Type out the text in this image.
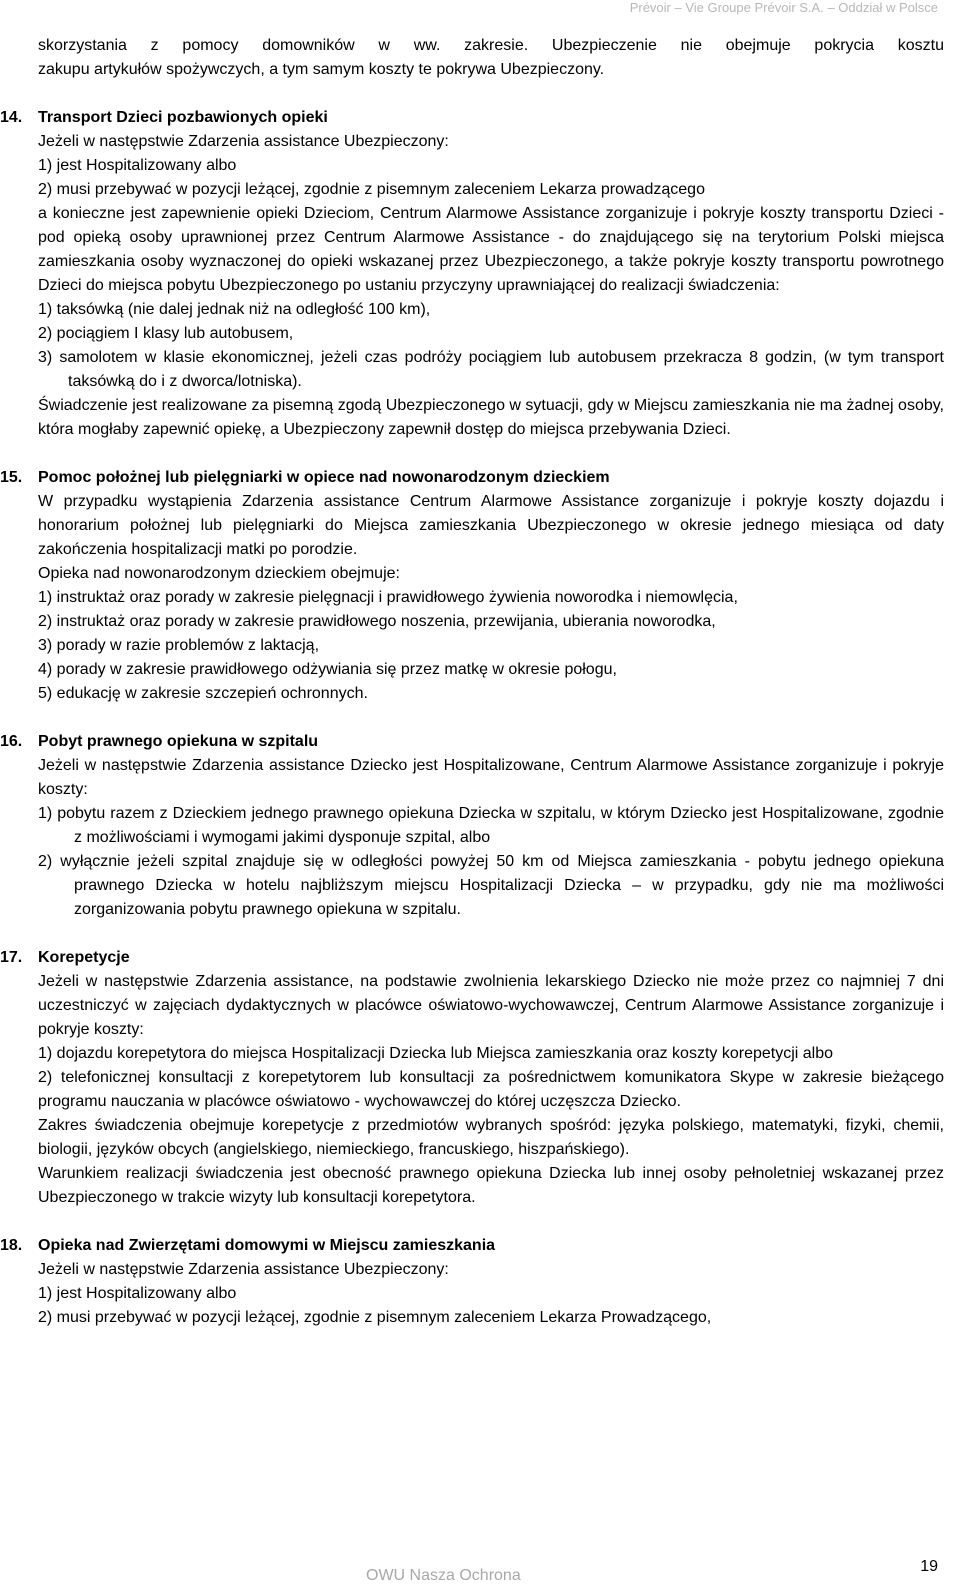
Prévoir – Vie Groupe Prévoir S.A. – Oddział w Polsce

skorzystania z pomocy domowników w ww. zakresie. Ubezpieczenie nie obejmuje pokrycia kosztu

zakupu artykułów spożywczych, a tym samym koszty te pokrywa Ubezpieczony.

14. Transport Dzieci pozbawionych opieki

Jeżeli w następstwie Zdarzenia assistance Ubezpieczony:

1) jest Hospitalizowany albo

2) musi przebywać w pozycji leżącej, zgodnie z pisemnym zaleceniem Lekarza prowadzącego

a konieczne jest zapewnienie opieki Dzieciom, Centrum Alarmowe Assistance zorganizuje i pokryje koszty transportu Dzieci - pod opieką osoby uprawnionej przez Centrum Alarmowe Assistance - do znajdującego się na terytorium Polski miejsca zamieszkania osoby wyznaczonej do opieki wskazanej przez Ubezpieczonego, a także pokryje koszty transportu powrotnego Dzieci do miejsca pobytu Ubezpieczonego po ustaniu przyczyny uprawniającej do realizacji świadczenia:

1) taksówką (nie dalej jednak niż na odległość 100 km),

2) pociągiem I klasy lub autobusem,

3) samolotem w klasie ekonomicznej, jeżeli czas podróży pociągiem lub autobusem przekracza 8 godzin, (w tym transport taksówką do i z dworca/lotniska).

Świadczenie jest realizowane za pisemną zgodą Ubezpieczonego w sytuacji, gdy w Miejscu zamieszkania nie ma żadnej osoby, która mogłaby zapewnić opiekę, a Ubezpieczony zapewnił dostęp do miejsca przebywania Dzieci.

15. Pomoc położnej lub pielęgniarki w opiece nad nowonarodzonym dzieckiem

W przypadku wystąpienia Zdarzenia assistance Centrum Alarmowe Assistance zorganizuje i pokryje koszty dojazdu i honorarium położnej lub pielęgniarki do Miejsca zamieszkania Ubezpieczonego w okresie jednego miesiąca od daty zakończenia hospitalizacji matki po porodzie.

Opieka nad nowonarodzonym dzieckiem obejmuje:

1) instruktaż oraz porady w zakresie pielęgnacji i prawidłowego żywienia noworodka i niemowlęcia,

2) instruktaż oraz porady w zakresie prawidłowego noszenia, przewijania, ubierania noworodka,

3) porady w razie problemów z laktacją,

4) porady w zakresie prawidłowego odżywiania się przez matkę w okresie połogu,

5) edukację w zakresie szczepień ochronnych.

16. Pobyt prawnego opiekuna w szpitalu

Jeżeli w następstwie Zdarzenia assistance Dziecko jest Hospitalizowane, Centrum Alarmowe Assistance zorganizuje i pokryje koszty:

1) pobytu razem z Dzieckiem jednego prawnego opiekuna Dziecka w szpitalu, w którym Dziecko jest Hospitalizowane, zgodnie z możliwościami i wymogami jakimi dysponuje szpital, albo

2) wyłącznie jeżeli szpital znajduje się w odległości powyżej 50 km od Miejsca zamieszkania - pobytu jednego opiekuna prawnego Dziecka w hotelu najbliższym miejscu Hospitalizacji Dziecka – w przypadku, gdy nie ma możliwości zorganizowania pobytu prawnego opiekuna w szpitalu.

17. Korepetycje

Jeżeli w następstwie Zdarzenia assistance, na podstawie zwolnienia lekarskiego Dziecko nie może przez co najmniej 7 dni uczestniczyć w zajęciach dydaktycznych w placówce oświatowo-wychowawczej, Centrum Alarmowe Assistance zorganizuje i pokryje koszty:

1) dojazdu korepetytora do miejsca Hospitalizacji Dziecka lub Miejsca zamieszkania oraz koszty korepetycji albo

2) telefonicznej konsultacji z korepetytorem lub konsultacji za pośrednictwem komunikatora Skype w zakresie bieżącego programu nauczania w placówce oświatowo - wychowawczej do której uczęszcza Dziecko.

Zakres świadczenia obejmuje korepetycje z przedmiotów wybranych spośród: języka polskiego, matematyki, fizyki, chemii, biologii, języków obcych (angielskiego, niemieckiego, francuskiego, hiszpańskiego).

Warunkiem realizacji świadczenia jest obecność prawnego opiekuna Dziecka lub innej osoby pełnoletniej wskazanej przez Ubezpieczonego w trakcie wizyty lub konsultacji korepetytora.

18. Opieka nad Zwierzętami domowymi w Miejscu zamieszkania

Jeżeli w następstwie Zdarzenia assistance Ubezpieczony:

1) jest Hospitalizowany albo

2) musi przebywać w pozycji leżącej, zgodnie z pisemnym zaleceniem Lekarza Prowadzącego,

OWU Nasza Ochrona
19
